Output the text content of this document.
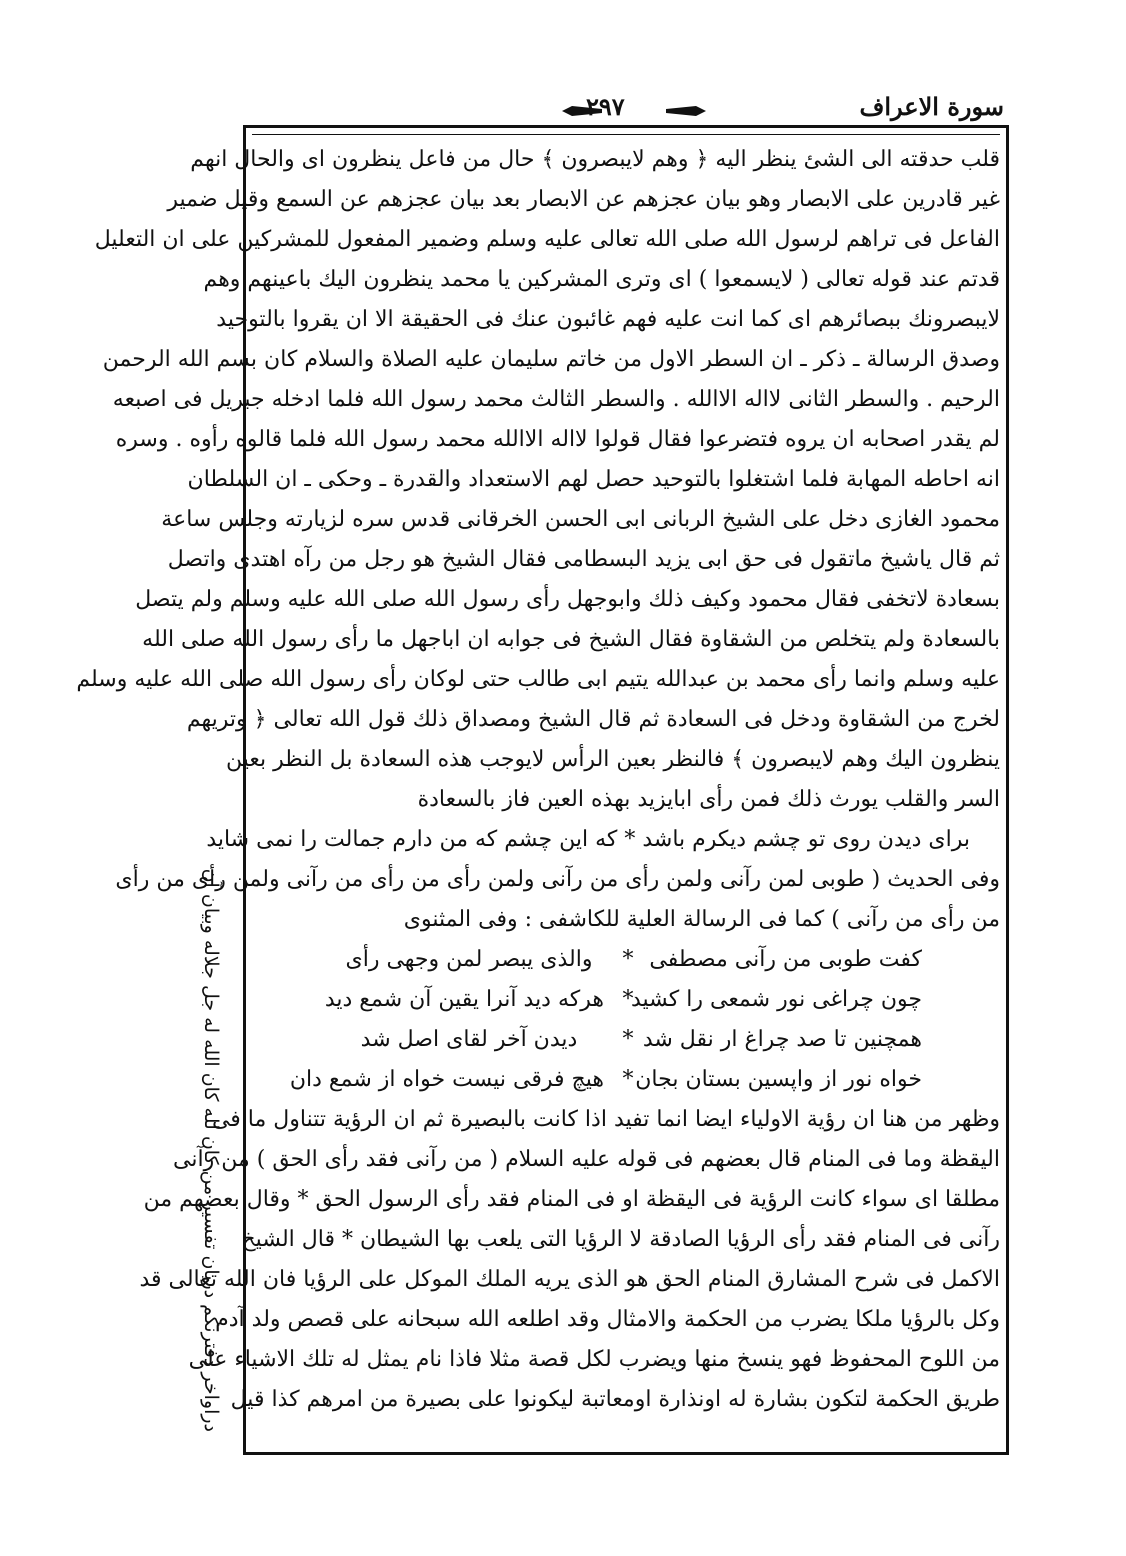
سورة الاعراف
٢٩٧
دراواخر دفترنكم دريان تفسير من كان لله كان الله له جل جلاله وبيان آن
قلب حدقته الى الشئ ينظر اليه ﴿ وهم لايبصرون ﴾ حال من فاعل ينظرون اى والحال انهم
غير قادرين على الابصار وهو بيان عجزهم عن الابصار بعد بيان عجزهم عن السمع وقيل ضمير
الفاعل فى تراهم لرسول الله صلى الله تعالى عليه وسلم وضمير المفعول للمشركين على ان التعليل
قدتم عند قوله تعالى ( لايسمعوا ) اى وترى المشركين يا محمد ينظرون اليك باعينهم وهم
لايبصرونك ببصائرهم اى كما انت عليه فهم غائبون عنك فى الحقيقة الا ان يقروا بالتوحيد
وصدق الرسالة ـ ذكر ـ ان السطر الاول من خاتم سليمان عليه الصلاة والسلام كان بسم الله الرحمن
الرحيم . والسطر الثانى لااله الاالله . والسطر الثالث محمد رسول الله فلما ادخله جبريل فى اصبعه
لم يقدر اصحابه ان يروه فتضرعوا فقال قولوا لااله الاالله محمد رسول الله فلما قالوه رأوه . وسره
انه احاطه المهابة فلما اشتغلوا بالتوحيد حصل لهم الاستعداد والقدرة ـ وحكى ـ ان السلطان
محمود الغازى دخل على الشيخ الربانى ابى الحسن الخرقانى قدس سره لزيارته وجلس ساعة
ثم قال ياشيخ ماتقول فى حق ابى يزيد البسطامى فقال الشيخ هو رجل من رآه اهتدى واتصل
بسعادة لاتخفى فقال محمود وكيف ذلك وابوجهل رأى رسول الله صلى الله عليه وسلم ولم يتصل
بالسعادة ولم يتخلص من الشقاوة فقال الشيخ فى جوابه ان اباجهل ما رأى رسول الله صلى الله
عليه وسلم وانما رأى محمد بن عبدالله يتيم ابى طالب حتى لوكان رأى رسول الله صلى الله عليه وسلم
لخرج من الشقاوة ودخل فى السعادة ثم قال الشيخ ومصداق ذلك قول الله تعالى ﴿ وتريهم
ينظرون اليك وهم لايبصرون ﴾ فالنظر بعين الرأس لايوجب هذه السعادة بل النظر بعين
السر والقلب يورث ذلك فمن رأى ابايزيد بهذه العين فاز بالسعادة
براى ديدن روى تو چشم ديكرم باشد * كه اين چشم كه من دارم جمالت را نمى شايد
وفى الحديث ( طوبى لمن رآنى ولمن رأى من رآنى ولمن رأى من رأى من رآنى ولمن رأى من رأى
من رأى من رآنى ) كما فى الرسالة العلية للكاشفى : وفى المثنوى
كفت طوبى من رآنى مصطفى
*
والذى يبصر لمن وجهى رأى
چون چراغى نور شمعى را كشيد
*
هركه ديد آنرا يقين آن شمع ديد
همچنين تا صد چراغ ار نقل شد
*
ديدن آخر لقاى اصل شد
خواه نور از واپسين بستان بجان
*
هيچ فرقى نيست خواه از شمع دان
وظهر من هنا ان رؤية الاولياء ايضا انما تفيد اذا كانت بالبصيرة ثم ان الرؤية تتناول ما فى
اليقظة وما فى المنام قال بعضهم فى قوله عليه السلام ( من رآنى فقد رأى الحق ) من رآنى
مطلقا اى سواء كانت الرؤية فى اليقظة او فى المنام فقد رأى الرسول الحق * وقال بعضهم من
رآنى فى المنام فقد رأى الرؤيا الصادقة لا الرؤيا التى يلعب بها الشيطان * قال الشيخ
الاكمل فى شرح المشارق المنام الحق هو الذى يريه الملك الموكل على الرؤيا فان الله تعالى قد
وكل بالرؤيا ملكا يضرب من الحكمة والامثال وقد اطلعه الله سبحانه على قصص ولد آدم
من اللوح المحفوظ فهو ينسخ منها ويضرب لكل قصة مثلا فاذا نام يمثل له تلك الاشياء على
طريق الحكمة لتكون بشارة له اونذارة اومعاتبة ليكونوا على بصيرة من امرهم كذا قيل
